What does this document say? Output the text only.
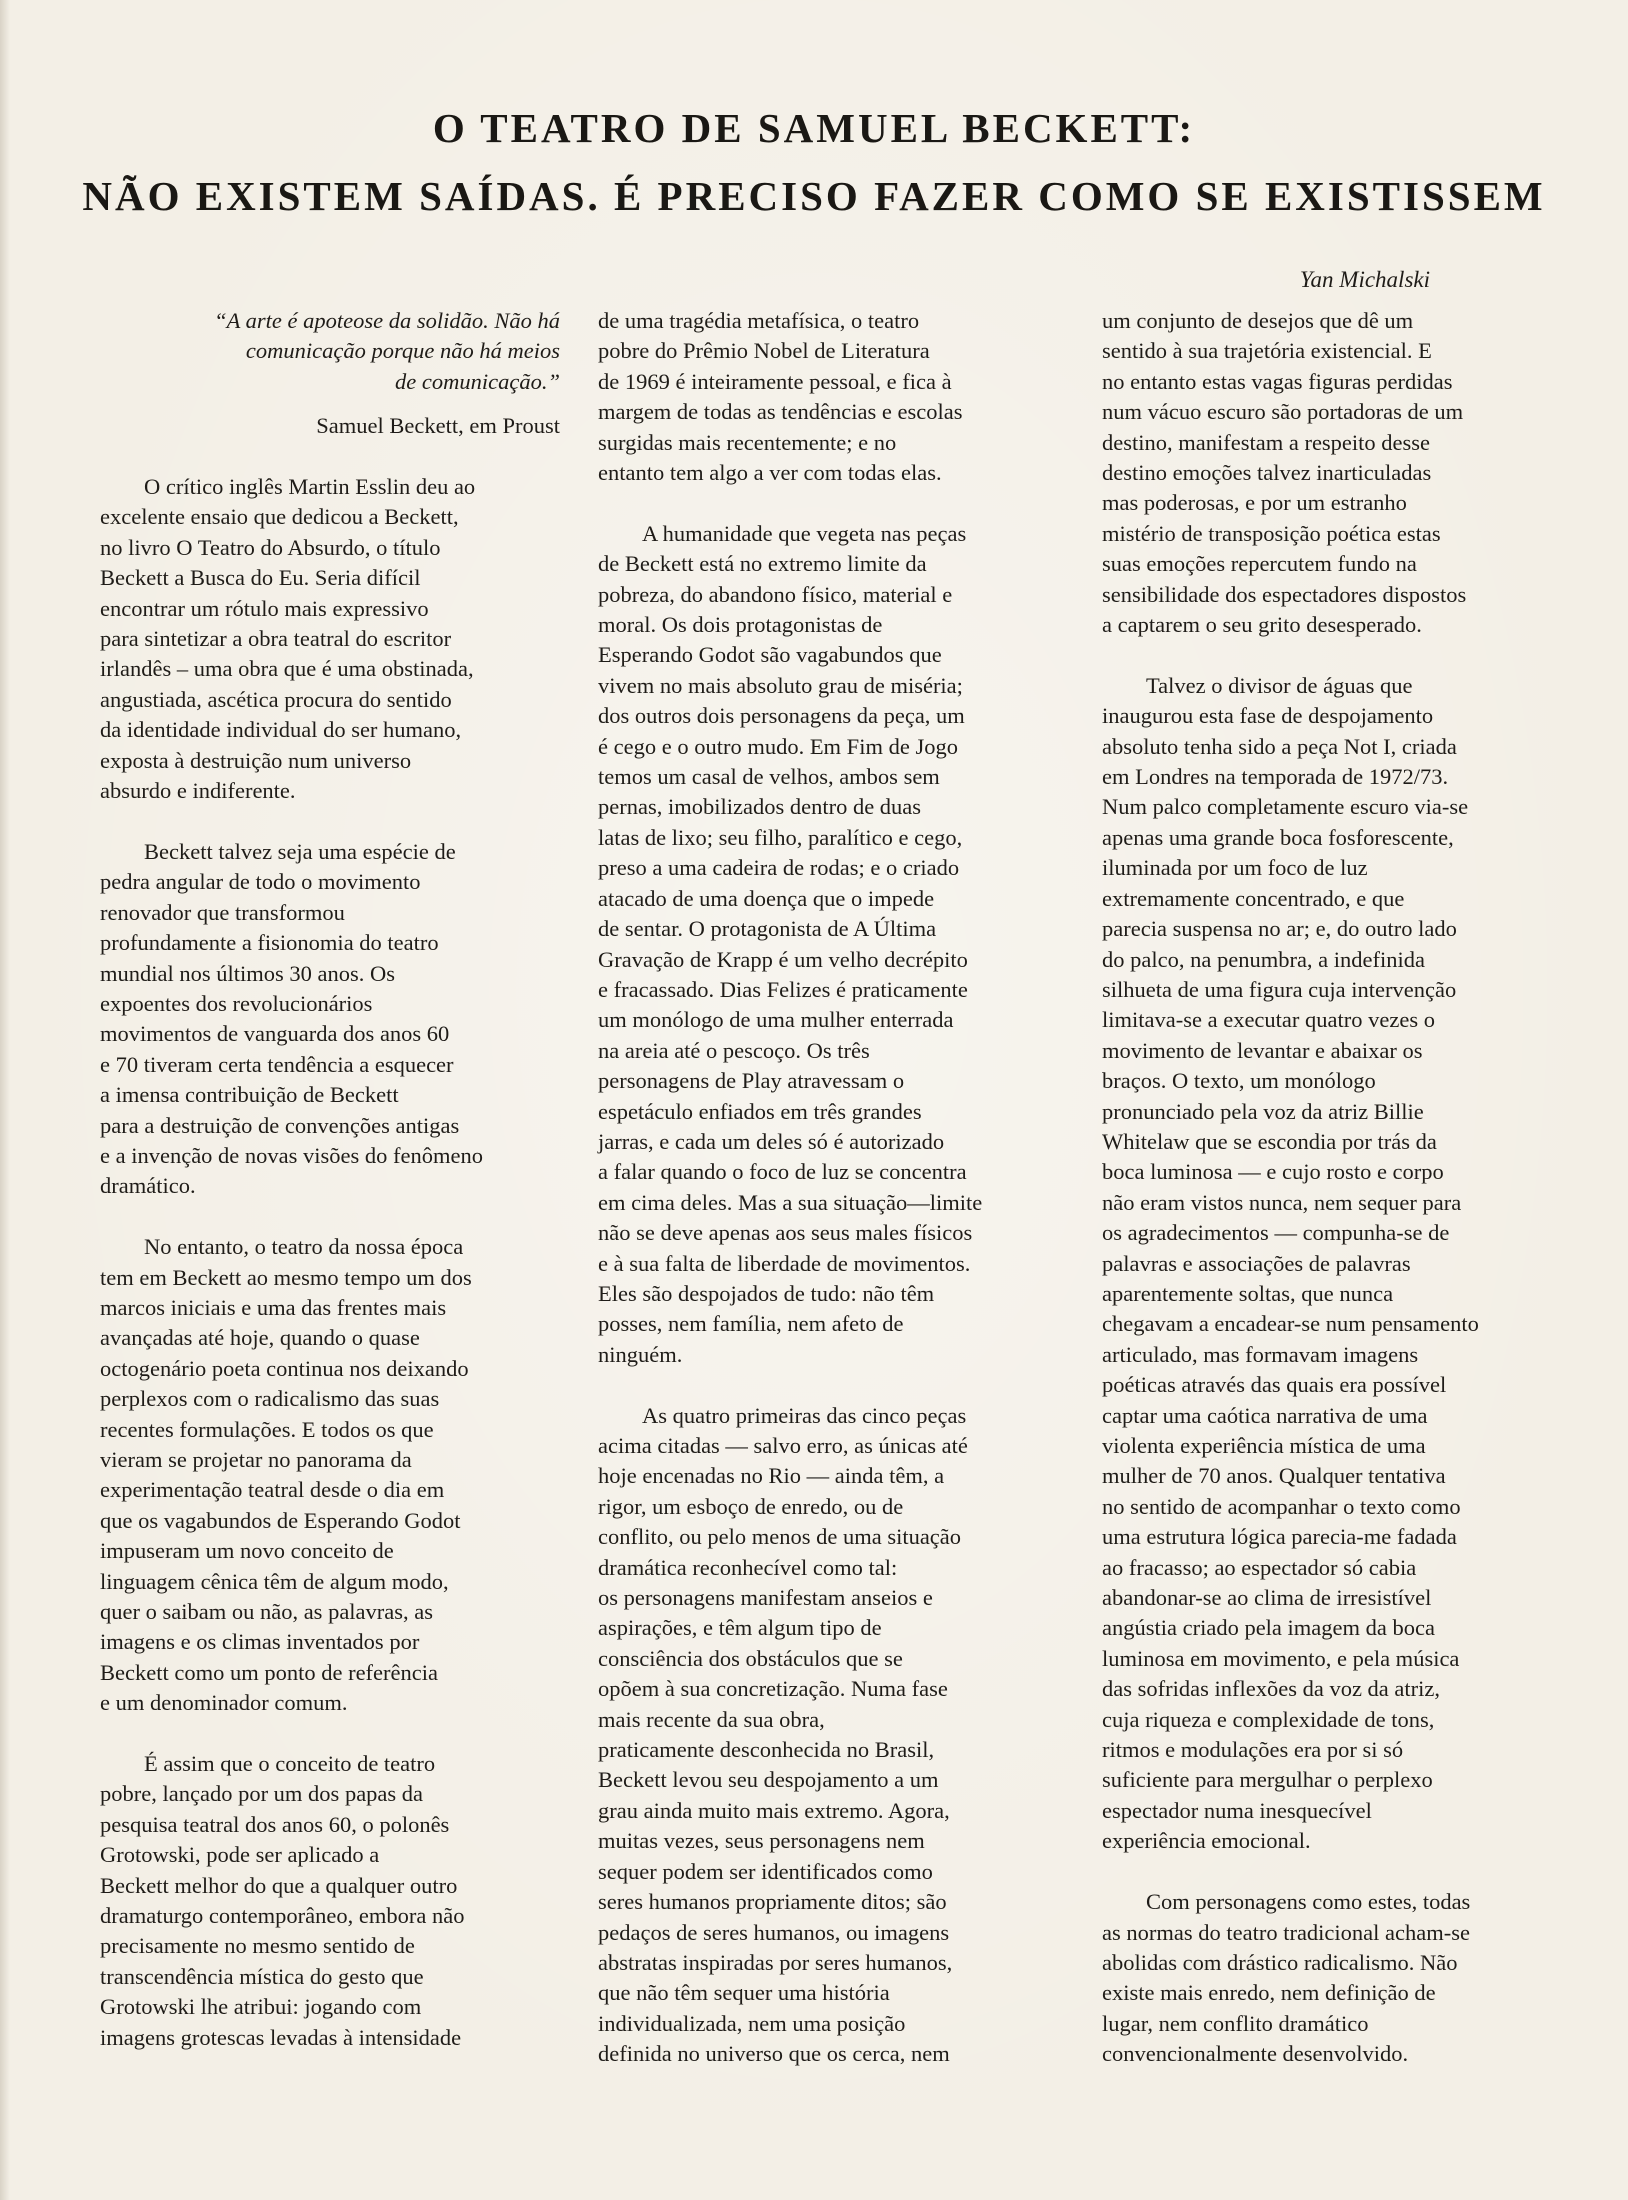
O TEATRO DE SAMUEL BECKETT:
NÃO EXISTEM SAÍDAS. É PRECISO FAZER COMO SE EXISTISSEM
Yan Michalski

“A arte é apoteose da solidão. Não há
comunicação porque não há meios
de comunicação.”

Samuel Beckett, em Proust

O crítico inglês Martin Esslin deu ao
excelente ensaio que dedicou a Beckett,
no livro O Teatro do Absurdo, o título
Beckett a Busca do Eu. Seria difícil
encontrar um rótulo mais expressivo
para sintetizar a obra teatral do escritor
irlandês – uma obra que é uma obstinada,
angustiada, ascética procura do sentido
da identidade individual do ser humano,
exposta à destruição num universo
absurdo e indiferente.

Beckett talvez seja uma espécie de
pedra angular de todo o movimento
renovador que transformou
profundamente a fisionomia do teatro
mundial nos últimos 30 anos. Os
expoentes dos revolucionários
movimentos de vanguarda dos anos 60
e 70 tiveram certa tendência a esquecer
a imensa contribuição de Beckett
para a destruição de convenções antigas
e a invenção de novas visões do fenômeno
dramático.

No entanto, o teatro da nossa época
tem em Beckett ao mesmo tempo um dos
marcos iniciais e uma das frentes mais
avançadas até hoje, quando o quase
octogenário poeta continua nos deixando
perplexos com o radicalismo das suas
recentes formulações. E todos os que
vieram se projetar no panorama da
experimentação teatral desde o dia em
que os vagabundos de Esperando Godot
impuseram um novo conceito de
linguagem cênica têm de algum modo,
quer o saibam ou não, as palavras, as
imagens e os climas inventados por
Beckett como um ponto de referência
e um denominador comum.

É assim que o conceito de teatro
pobre, lançado por um dos papas da
pesquisa teatral dos anos 60, o polonês
Grotowski, pode ser aplicado a
Beckett melhor do que a qualquer outro
dramaturgo contemporâneo, embora não
precisamente no mesmo sentido de
transcendência mística do gesto que
Grotowski lhe atribui: jogando com
imagens grotescas levadas à intensidade

de uma tragédia metafísica, o teatro
pobre do Prêmio Nobel de Literatura
de 1969 é inteiramente pessoal, e fica à
margem de todas as tendências e escolas
surgidas mais recentemente; e no
entanto tem algo a ver com todas elas.

A humanidade que vegeta nas peças
de Beckett está no extremo limite da
pobreza, do abandono físico, material e
moral. Os dois protagonistas de
Esperando Godot são vagabundos que
vivem no mais absoluto grau de miséria;
dos outros dois personagens da peça, um
é cego e o outro mudo. Em Fim de Jogo
temos um casal de velhos, ambos sem
pernas, imobilizados dentro de duas
latas de lixo; seu filho, paralítico e cego,
preso a uma cadeira de rodas; e o criado
atacado de uma doença que o impede
de sentar. O protagonista de A Última
Gravação de Krapp é um velho decrépito
e fracassado. Dias Felizes é praticamente
um monólogo de uma mulher enterrada
na areia até o pescoço. Os três
personagens de Play atravessam o
espetáculo enfiados em três grandes
jarras, e cada um deles só é autorizado
a falar quando o foco de luz se concentra
em cima deles. Mas a sua situação—limite
não se deve apenas aos seus males físicos
e à sua falta de liberdade de movimentos.
Eles são despojados de tudo: não têm
posses, nem família, nem afeto de
ninguém.

As quatro primeiras das cinco peças
acima citadas — salvo erro, as únicas até
hoje encenadas no Rio — ainda têm, a
rigor, um esboço de enredo, ou de
conflito, ou pelo menos de uma situação
dramática reconhecível como tal:
os personagens manifestam anseios e
aspirações, e têm algum tipo de
consciência dos obstáculos que se
opõem à sua concretização. Numa fase
mais recente da sua obra,
praticamente desconhecida no Brasil,
Beckett levou seu despojamento a um
grau ainda muito mais extremo. Agora,
muitas vezes, seus personagens nem
sequer podem ser identificados como
seres humanos propriamente ditos; são
pedaços de seres humanos, ou imagens
abstratas inspiradas por seres humanos,
que não têm sequer uma história
individualizada, nem uma posição
definida no universo que os cerca, nem

um conjunto de desejos que dê um
sentido à sua trajetória existencial. E
no entanto estas vagas figuras perdidas
num vácuo escuro são portadoras de um
destino, manifestam a respeito desse
destino emoções talvez inarticuladas
mas poderosas, e por um estranho
mistério de transposição poética estas
suas emoções repercutem fundo na
sensibilidade dos espectadores dispostos
a captarem o seu grito desesperado.

Talvez o divisor de águas que
inaugurou esta fase de despojamento
absoluto tenha sido a peça Not I, criada
em Londres na temporada de 1972/73.
Num palco completamente escuro via-se
apenas uma grande boca fosforescente,
iluminada por um foco de luz
extremamente concentrado, e que
parecia suspensa no ar; e, do outro lado
do palco, na penumbra, a indefinida
silhueta de uma figura cuja intervenção
limitava-se a executar quatro vezes o
movimento de levantar e abaixar os
braços. O texto, um monólogo
pronunciado pela voz da atriz Billie
Whitelaw que se escondia por trás da
boca luminosa — e cujo rosto e corpo
não eram vistos nunca, nem sequer para
os agradecimentos — compunha-se de
palavras e associações de palavras
aparentemente soltas, que nunca
chegavam a encadear-se num pensamento
articulado, mas formavam imagens
poéticas através das quais era possível
captar uma caótica narrativa de uma
violenta experiência mística de uma
mulher de 70 anos. Qualquer tentativa
no sentido de acompanhar o texto como
uma estrutura lógica parecia-me fadada
ao fracasso; ao espectador só cabia
abandonar-se ao clima de irresistível
angústia criado pela imagem da boca
luminosa em movimento, e pela música
das sofridas inflexões da voz da atriz,
cuja riqueza e complexidade de tons,
ritmos e modulações era por si só
suficiente para mergulhar o perplexo
espectador numa inesquecível
experiência emocional.

Com personagens como estes, todas
as normas do teatro tradicional acham-se
abolidas com drástico radicalismo. Não
existe mais enredo, nem definição de
lugar, nem conflito dramático
convencionalmente desenvolvido.
